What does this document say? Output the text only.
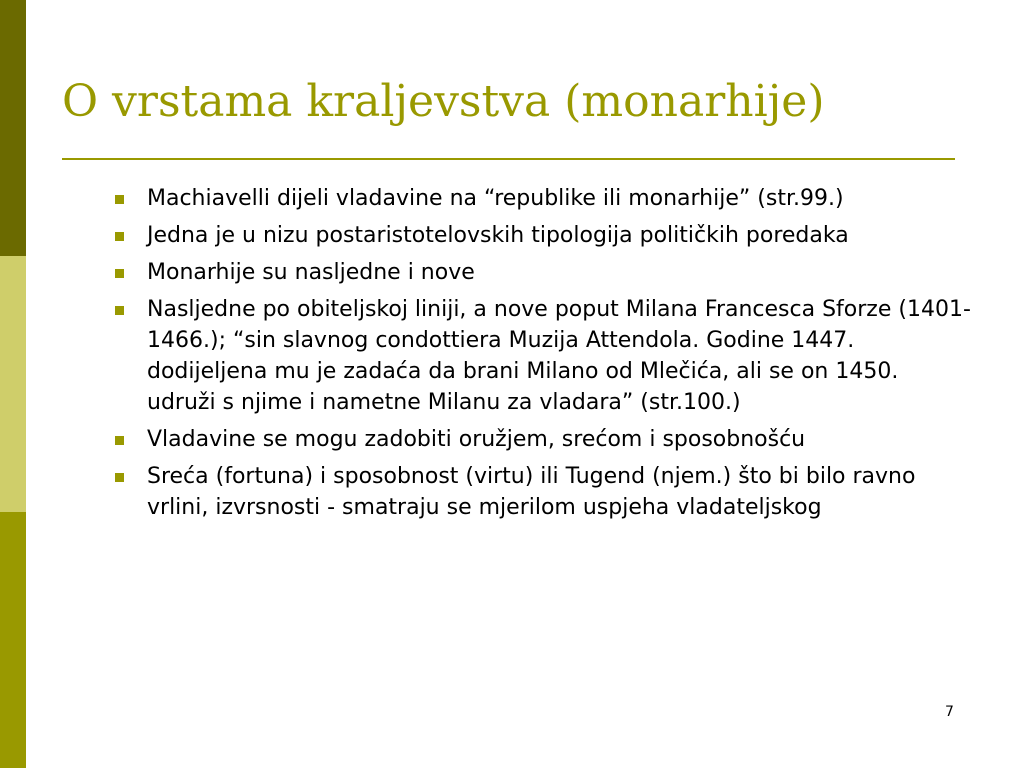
O vrstama kraljevstva (monarhije)
Machiavelli dijeli vladavine na “republike ili monarhije” (str.99.)
Jedna je u nizu postaristotelovskih tipologija političkih poredaka
Monarhije su nasljedne i nove
Nasljedne po obiteljskoj liniji, a nove poput Milana Francesca Sforze (1401-1466.); “sin slavnog condottiera Muzija Attendola. Godine 1447. dodijeljena mu je zadaća da brani Milano od Mlečića, ali se on 1450. udruži s njime i nametne Milanu za vladara” (str.100.)
Vladavine se mogu zadobiti oružjem, srećom i sposobnošću
Sreća (fortuna) i sposobnost (virtu) ili Tugend (njem.) što bi bilo ravno vrlini, izvrsnosti - smatraju se mjerilom uspjeha vladateljskog
7
